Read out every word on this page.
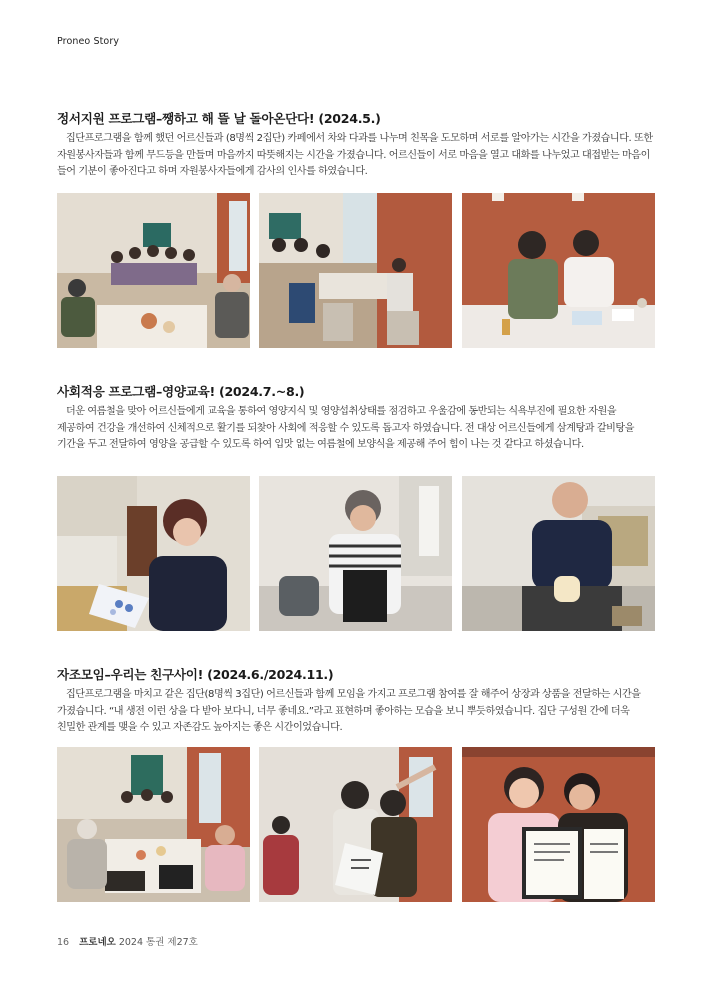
Proneo Story
정서지원 프로그램–쨍하고 해 뜰 날 돌아온단다! (2024.5.)

집단프로그램을 함께 했던 어르신들과 (8명씩 2집단) 카페에서 차와 다과를 나누며 친목을 도모하며 서로를 알아가는 시간을 가졌습니다. 또한 자원봉사자들과 함께 무드등을 만들며 마음까지 따뜻해지는 시간을 가졌습니다. 어르신들이 서로 마음을 열고 대화를 나누었고 대접받는 마음이 들어 기분이 좋아진다고 하며 자원봉사자들에게 감사의 인사를 하였습니다.

사회적응 프로그램–영양교육! (2024.7.~8.)

더운 여름철을 맞아 어르신들에게 교육을 통하여 영양지식 및 영양섭취상태를 점검하고 우울감에 동반되는 식욕부진에 필요한 자원을 제공하여 건강을 개선하여 신체적으로 활기를 되찾아 사회에 적응할 수 있도록 돕고자 하였습니다. 전 대상 어르신들에게 삼계탕과 갈비탕을 기간을 두고 전달하여 영양을 공급할 수 있도록 하여 입맛 없는 여름철에 보양식을 제공해 주어 힘이 나는 것 같다고 하셨습니다.

자조모임–우리는 친구사이! (2024.6./2024.11.)

집단프로그램을 마치고 같은 집단(8명씩 3집단) 어르신들과 함께 모임을 가지고 프로그램 참여를 잘 해주어 상장과 상품을 전달하는 시간을 가졌습니다. “내 생전 이런 상을 다 받아 보다니, 너무 좋네요.”라고 표현하며 좋아하는 모습을 보니 뿌듯하였습니다. 집단 구성원 간에 더욱 친밀한 관계를 맺을 수 있고 자존감도 높아지는 좋은 시간이었습니다.

16 프로네오 2024 통권 제27호
